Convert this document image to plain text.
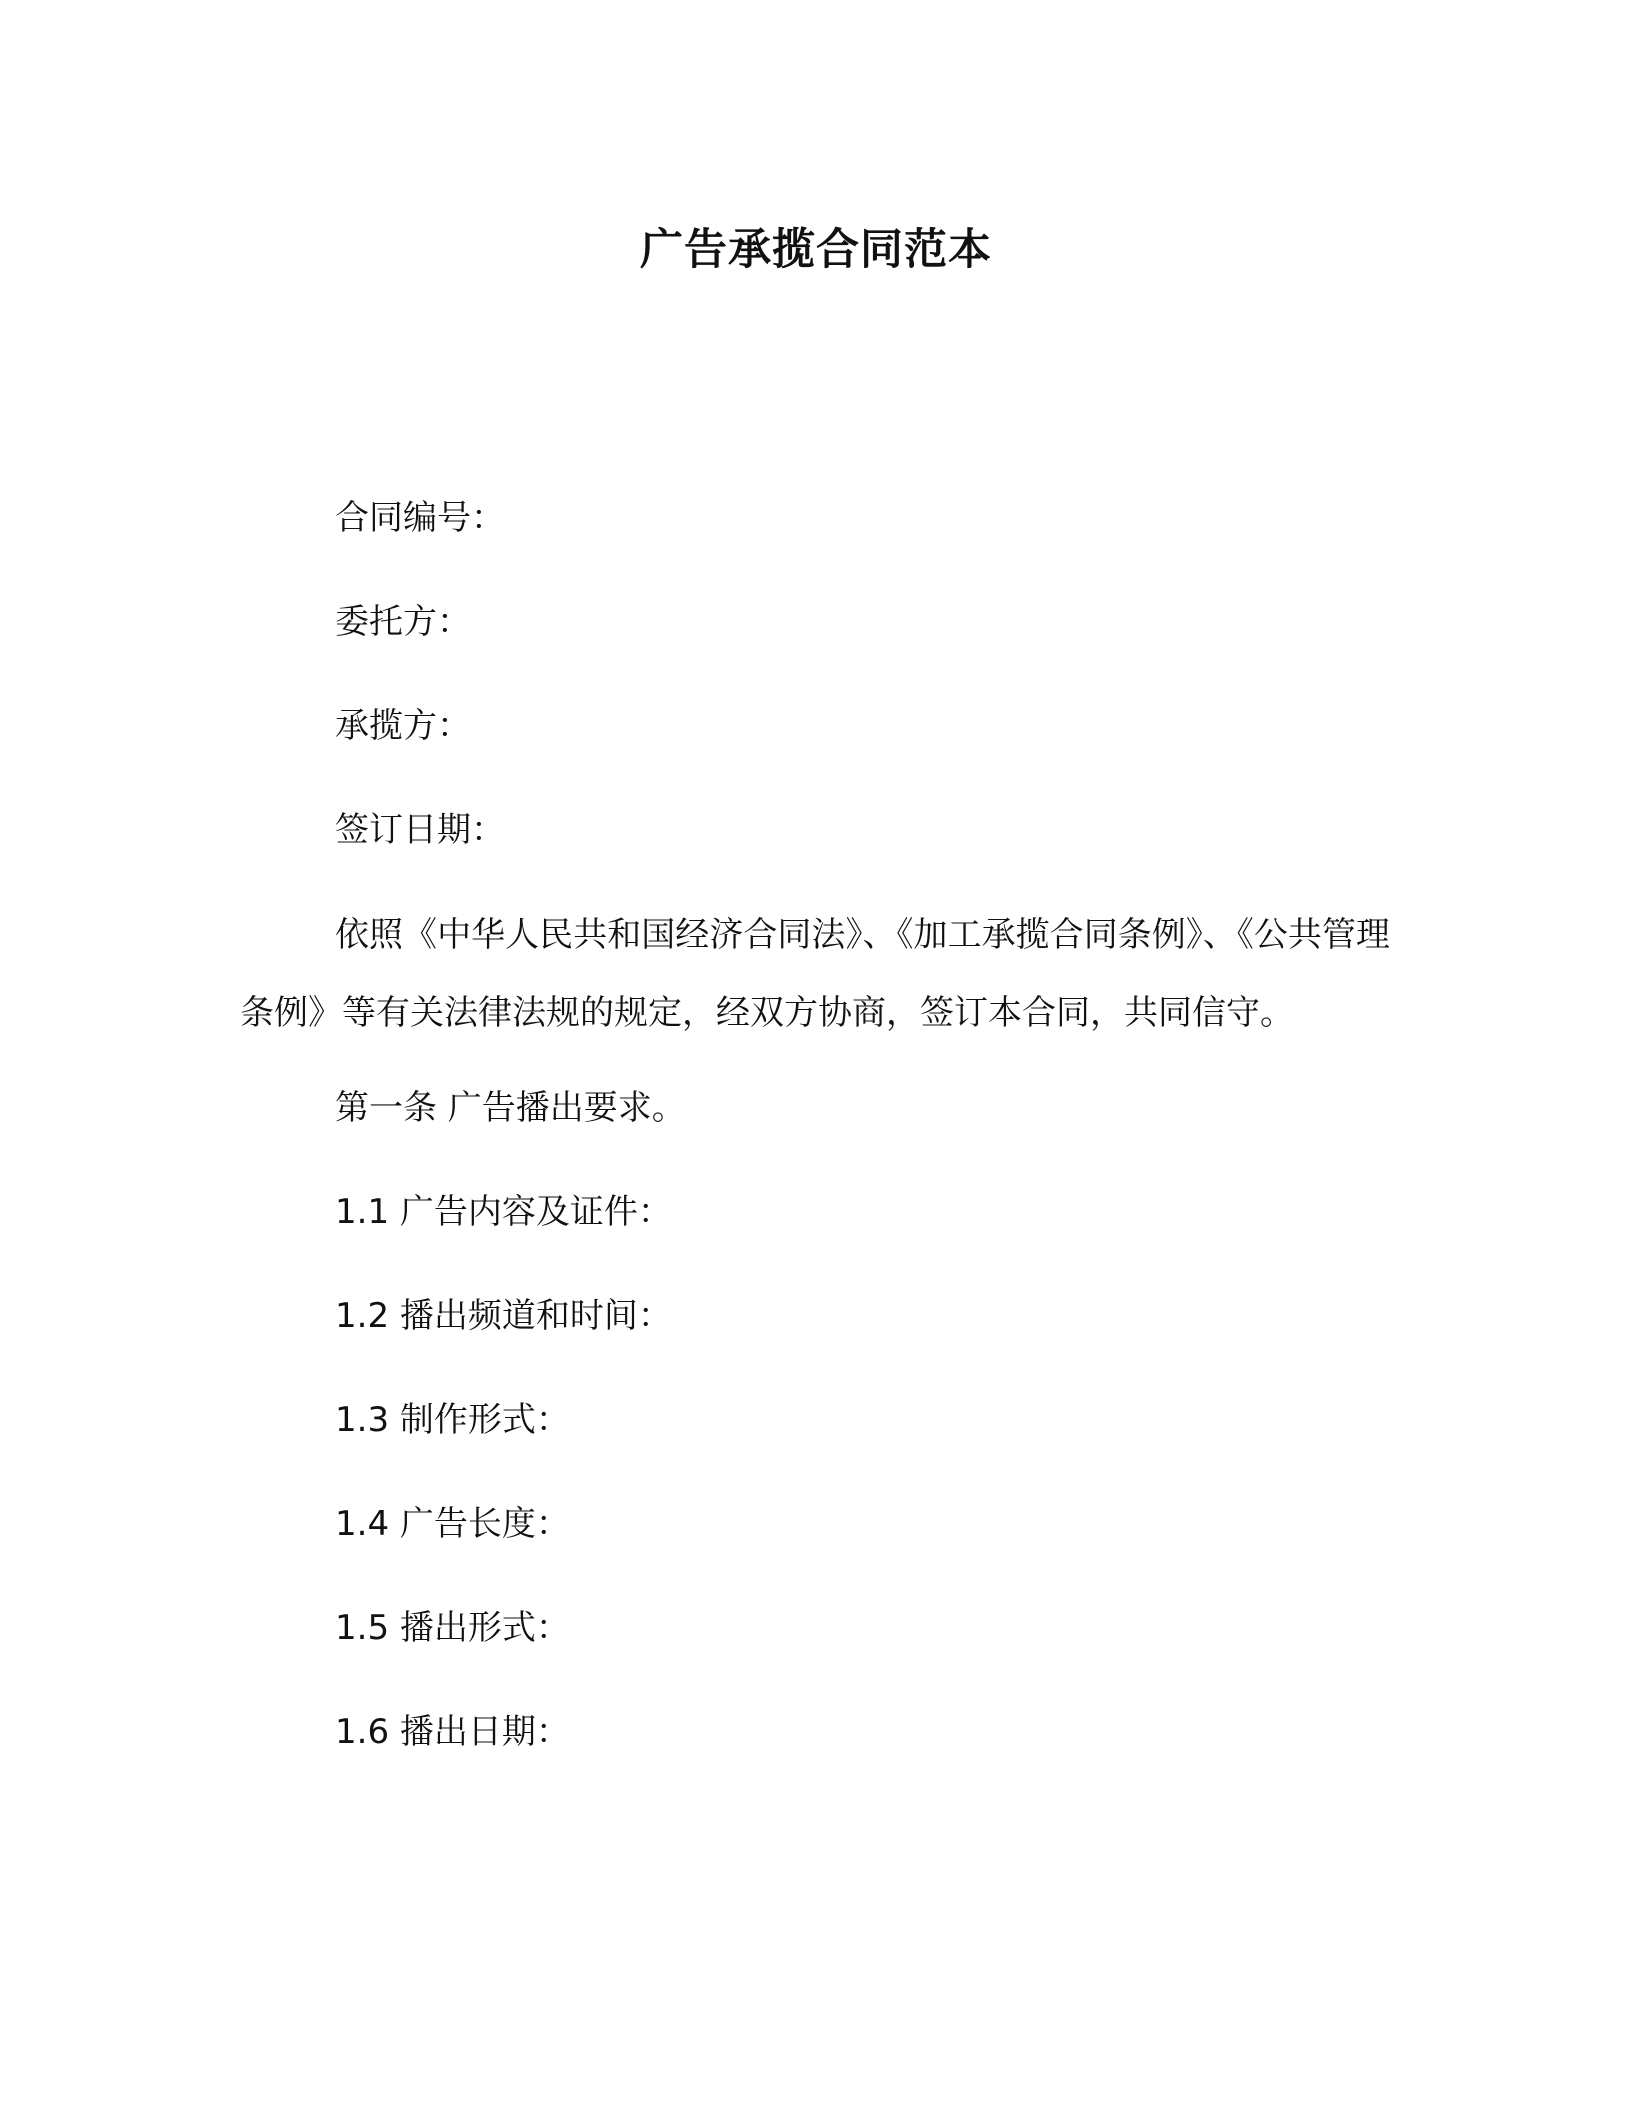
广告承揽合同范本
合同编号：
委托方：
承揽方：
签订日期：
依照《中华人民共和国经济合同法》、《加工承揽合同条例》、《公共管理条例》等有关法律法规的规定，经双方协商，签订本合同，共同信守。
第一条 广告播出要求。
1.1 广告内容及证件：
1.2 播出频道和时间：
1.3 制作形式：
1.4 广告长度：
1.5 播出形式：
1.6 播出日期：
